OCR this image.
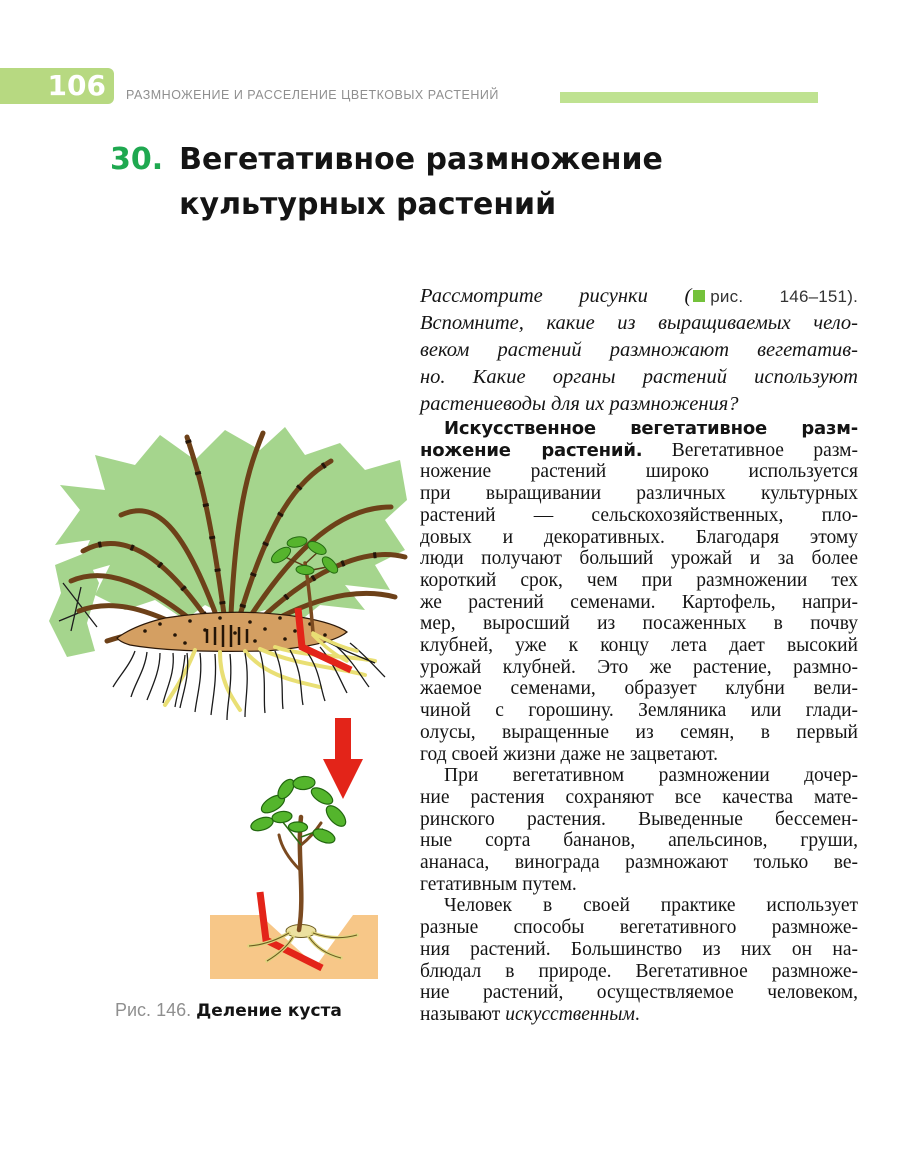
106	РАЗМНОЖЕНИЕ И РАССЕЛЕНИЕ ЦВЕТКОВЫХ РАСТЕНИЙ
30. Вегетативное размножение
культурных растений
Рис. 146. Деление куста
Рассмотрите рисунки ( рис. 146–151).
Вспомните, какие из выращиваемых чело-
веком растений размножают вегетатив-
но. Какие органы растений используют
растениеводы для их размножения?
Искусственное вегетативное разм-
ножение растений. Вегетативное разм-
ножение растений широко используется
при выращивании различных культурных
растений — сельскохозяйственных, пло-
довых и декоративных. Благодаря этому
люди получают больший урожай и за более
короткий срок, чем при размножении тех
же растений семенами. Картофель, напри-
мер, выросший из посаженных в почву
клубней, уже к концу лета дает высокий
урожай клубней. Это же растение, размно-
жаемое семенами, образует клубни вели-
чиной с горошину. Земляника или глади-
олусы, выращенные из семян, в первый
год своей жизни даже не зацветают.
При вегетативном размножении дочер-
ние растения сохраняют все качества мате-
ринского растения. Выведенные бессемен-
ные сорта бананов, апельсинов, груши,
ананаса, винограда размножают только ве-
гетативным путем.
Человек в своей практике использует
разные способы вегетативного размноже-
ния растений. Большинство из них он на-
блюдал в природе. Вегетативное размноже-
ние растений, осуществляемое человеком,
называют искусственным.
